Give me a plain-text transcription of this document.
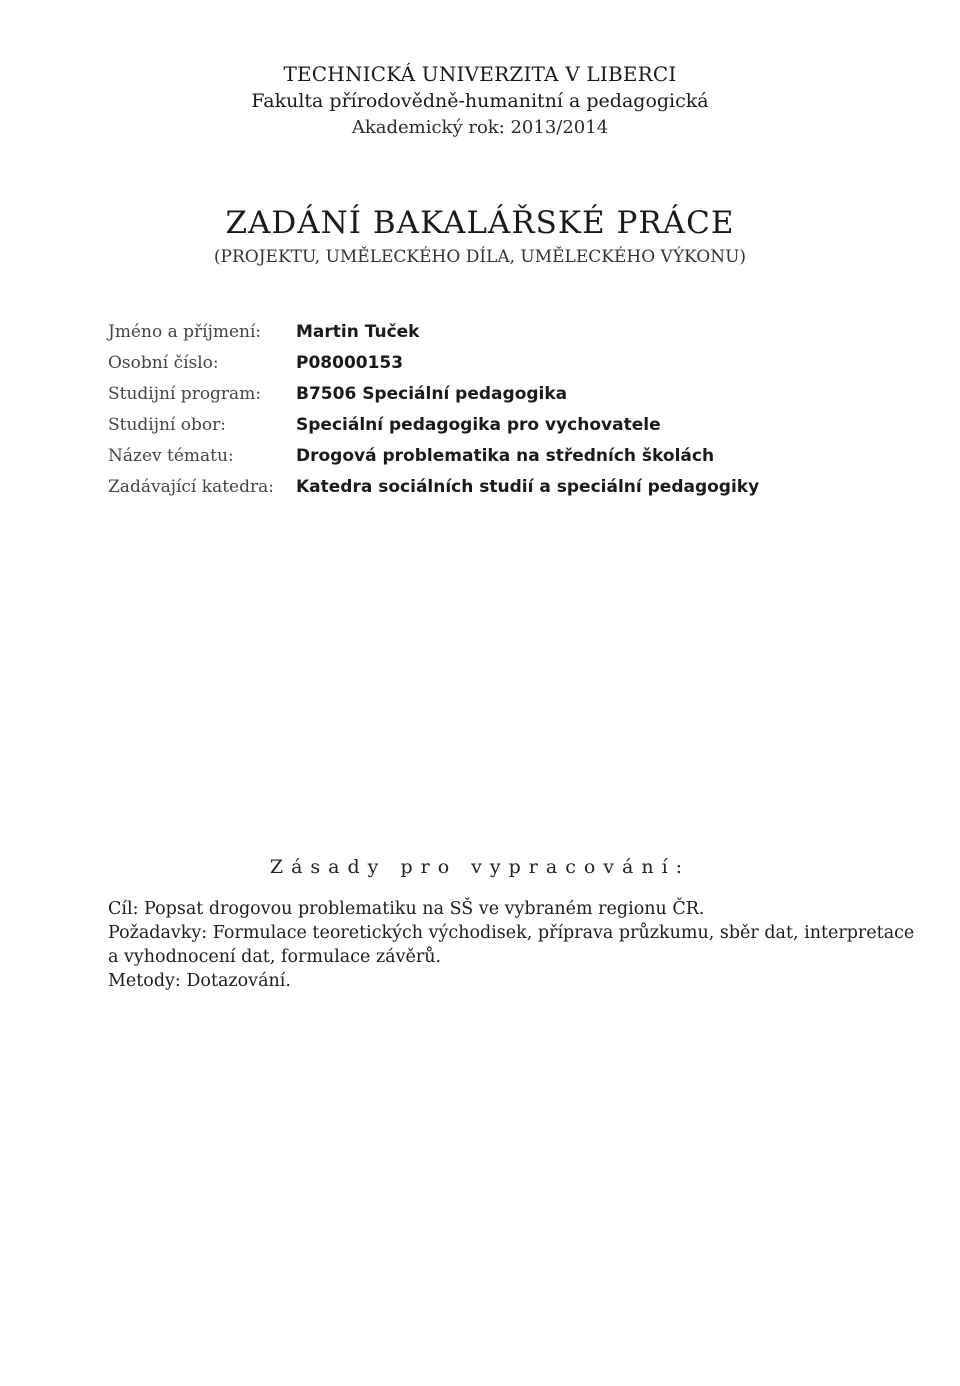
TECHNICKÁ UNIVERZITA V LIBERCI
Fakulta přírodovědně-humanitní a pedagogická
Akademický rok: 2013/2014
ZADÁNÍ BAKALÁŘSKÉ PRÁCE
(PROJEKTU, UMĚLECKÉHO DÍLA, UMĚLECKÉHO VÝKONU)
Jméno a příjmení: Martin Tuček
Osobní číslo:	P08000153
Studijní program: B7506 Speciální pedagogika
Studijní obor:	Speciální pedagogika pro vychovatele
Název tématu:	Drogová problematika na středních školách
Zadávající katedra: Katedra sociálních studií a speciální pedagogiky
Zásady pro vypracování:

Cíl: Popsat drogovou problematiku na SŠ ve vybraném regionu ČR.

Požadavky: Formulace teoretických východisek, příprava průzkumu, sběr dat, interpretace a vyhodnocení dat, formulace závěrů.

Metody: Dotazování.
